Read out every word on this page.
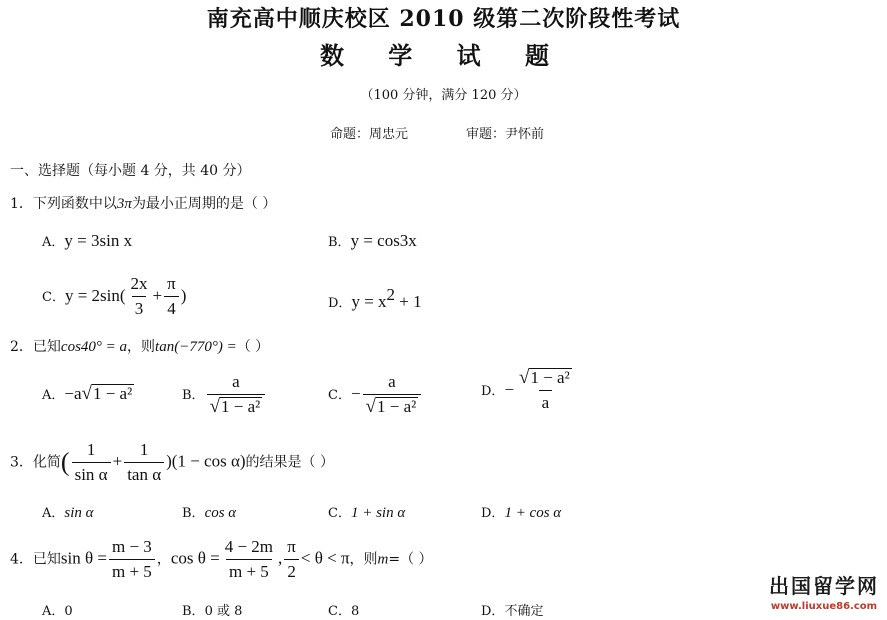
南充高中顺庆校区 2010 级第二次阶段性考试
数 学 试 题
（100 分钟，满分 120 分）
命题：周忠元	审题：尹怀前
一、选择题（每小题 4 分，共 40 分）
1．下列函数中以3π为最小正周期的是（ ）
A．y = 3sin x	B．y = cos3x
C．$y = 2\sin( \frac{2x}{3} + \frac{\pi}{4}$ )	D．$y = x^2 + 1$
2．已知cos40° = a，则tan(−770°) =（ ）
A．−a√1 − a²	B． $\frac{a}{\text{√1 − a²}}$	C．− $\frac{a}{\text{√1 − a²}}$	D．− $\frac{\text{√1 − a²}}{a}$
3．化简( $\frac{1}{\text{sin α}} + \frac{1}{\text{tan α}} )(1 - \cos \alpha)$的结果是（ ）
A．sin α	B．cos α	C．1 + sin α	D．1 + cos α
4．已知$\sin \theta = \frac{m - 3}{m + 5}$ ，$\cos \theta = \frac{4 - 2m}{m + 5}$ , $\frac{\pi}{2} < \theta < \pi$，则m=（ ）
A．0	B．0 或 8	C．8	D．不确定
出国留学网
www.liuxue86.com
